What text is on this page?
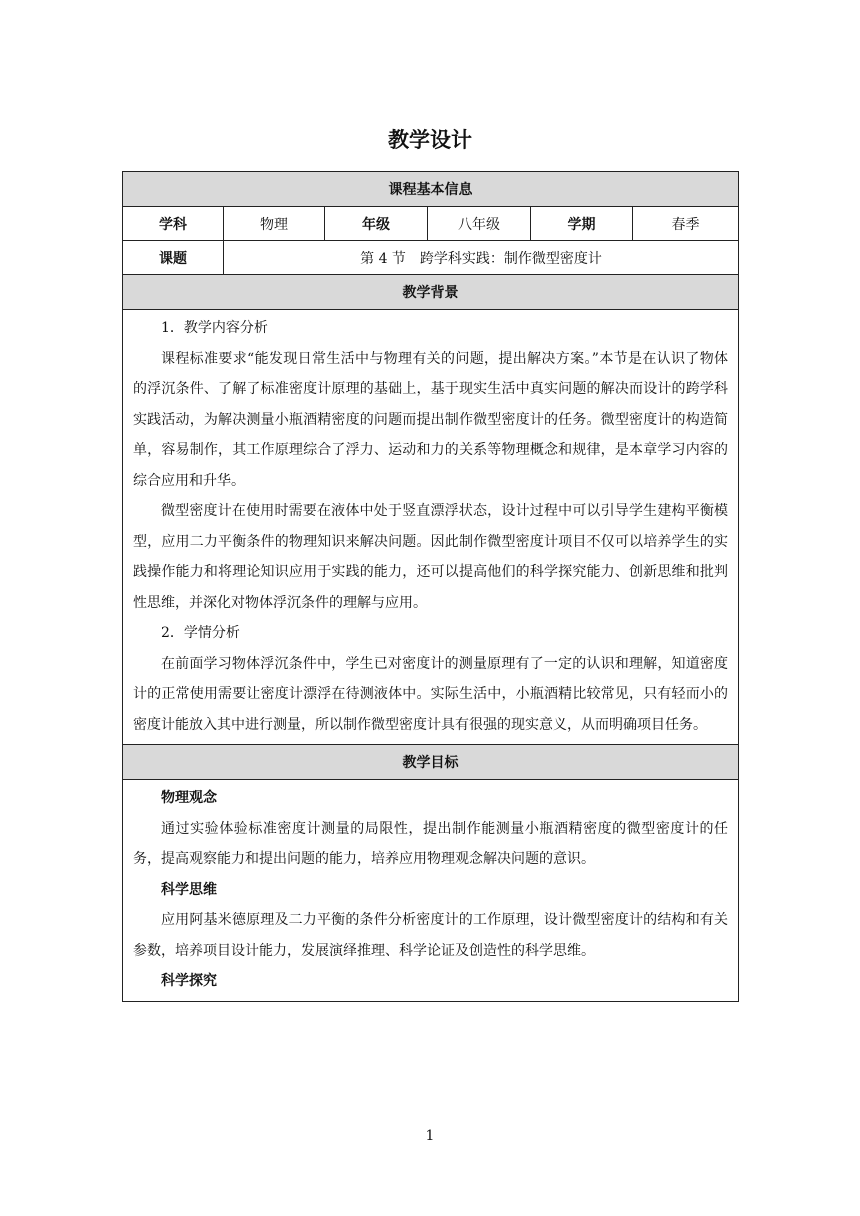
教学设计
课程基本信息					
学科	物理	年级	八年级	学期	春季
课题	第 4 节　跨学科实践：制作微型密度计				
教学背景					

1．教学内容分析

课程标准要求“能发现日常生活中与物理有关的问题，提出解决方案。”本节是在认识了物体的浮沉条件、了解了标准密度计原理的基础上，基于现实生活中真实问题的解决而设计的跨学科实践活动，为解决测量小瓶酒精密度的问题而提出制作微型密度计的任务。微型密度计的构造简单，容易制作，其工作原理综合了浮力、运动和力的关系等物理概念和规律，是本章学习内容的综合应用和升华。

微型密度计在使用时需要在液体中处于竖直漂浮状态，设计过程中可以引导学生建构平衡模型，应用二力平衡条件的物理知识来解决问题。因此制作微型密度计项目不仅可以培养学生的实践操作能力和将理论知识应用于实践的能力，还可以提高他们的科学探究能力、创新思维和批判性思维，并深化对物体浮沉条件的理解与应用。

2．学情分析

在前面学习物体浮沉条件中，学生已对密度计的测量原理有了一定的认识和理解，知道密度计的正常使用需要让密度计漂浮在待测液体中。实际生活中，小瓶酒精比较常见，只有轻而小的密度计能放入其中进行测量，所以制作微型密度计具有很强的现实意义，从而明确项目任务。					

教学目标					

物理观念

通过实验体验标准密度计测量的局限性，提出制作能测量小瓶酒精密度的微型密度计的任务，提高观察能力和提出问题的能力，培养应用物理观念解决问题的意识。

科学思维

应用阿基米德原理及二力平衡的条件分析密度计的工作原理，设计微型密度计的结构和有关参数，培养项目设计能力，发展演绎推理、科学论证及创造性的科学思维。

科学探究					

1
